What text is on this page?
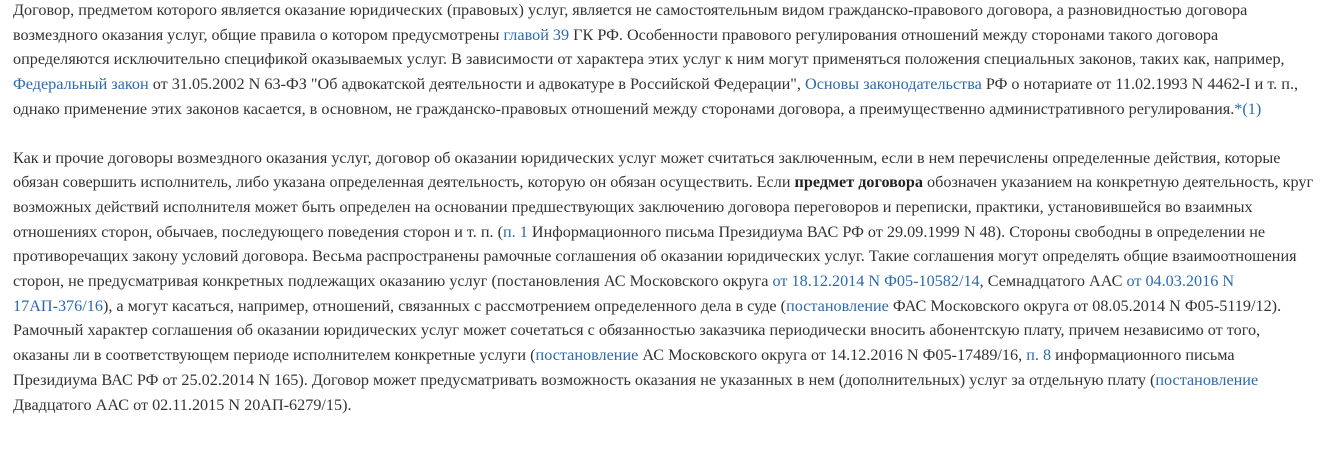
Договор, предметом которого является оказание юридических (правовых) услуг, является не самостоятельным видом гражданско-правового договора, а разновидностью договора возмездного оказания услуг, общие правила о котором предусмотрены главой 39 ГК РФ. Особенности правового регулирования отношений между сторонами такого договора определяются исключительно спецификой оказываемых услуг. В зависимости от характера этих услуг к ним могут применяться положения специальных законов, таких как, например, Федеральный закон от 31.05.2002 N 63-ФЗ "Об адвокатской деятельности и адвокатуре в Российской Федерации", Основы законодательства РФ о нотариате от 11.02.1993 N 4462-I и т. п., однако применение этих законов касается, в основном, не гражданско-правовых отношений между сторонами договора, а преимущественно административного регулирования.*(1)

Как и прочие договоры возмездного оказания услуг, договор об оказании юридических услуг может считаться заключенным, если в нем перечислены определенные действия, которые обязан совершить исполнитель, либо указана определенная деятельность, которую он обязан осуществить. Если предмет договора обозначен указанием на конкретную деятельность, круг возможных действий исполнителя может быть определен на основании предшествующих заключению договора переговоров и переписки, практики, установившейся во взаимных отношениях сторон, обычаев, последующего поведения сторон и т. п. (п. 1 Информационного письма Президиума ВАС РФ от 29.09.1999 N 48). Стороны свободны в определении не противоречащих закону условий договора. Весьма распространены рамочные соглашения об оказании юридических услуг. Такие соглашения могут определять общие взаимоотношения сторон, не предусматривая конкретных подлежащих оказанию услуг (постановления АС Московского округа от 18.12.2014 N Ф05-10582/14, Семнадцатого ААС от 04.03.2016 N 17АП-376/16), а могут касаться, например, отношений, связанных с рассмотрением определенного дела в суде (постановление ФАС Московского округа от 08.05.2014 N Ф05-5119/12). Рамочный характер соглашения об оказании юридических услуг может сочетаться с обязанностью заказчика периодически вносить абонентскую плату, причем независимо от того, оказаны ли в соответствующем периоде исполнителем конкретные услуги (постановление АС Московского округа от 14.12.2016 N Ф05-17489/16, п. 8 информационного письма Президиума ВАС РФ от 25.02.2014 N 165). Договор может предусматривать возможность оказания не указанных в нем (дополнительных) услуг за отдельную плату (постановление Двадцатого ААС от 02.11.2015 N 20АП-6279/15).
